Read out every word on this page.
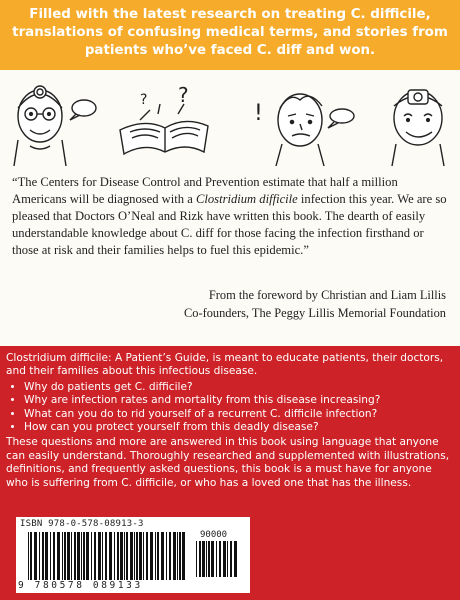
Filled with the latest research on treating C. difficile,
translations of confusing medical terms, and stories from
patients who’ve faced C. diff and won.
? ?
!
“The Centers for Disease Control and Prevention estimate that half a million Americans will be diagnosed with a Clostridium difficile infection this year. We are so pleased that Doctors O’Neal and Rizk have written this book. The dearth of easily understandable knowledge about C. diff for those facing the infection firsthand or those at risk and their families helps to fuel this epidemic.”
From the foreword by Christian and Liam Lillis
Co-founders, The Peggy Lillis Memorial Foundation

Clostridium difficile: A Patient’s Guide, is meant to educate patients, their doctors, and their families about this infectious disease.

• Why do patients get C. difficile?
• Why are infection rates and mortality from this disease increasing?
• What can you do to rid yourself of a recurrent C. difficile infection?
• How can you protect yourself from this deadly disease?

These questions and more are answered in this book using language that anyone can easily understand. Thoroughly researched and supplemented with illustrations, definitions, and frequently asked questions, this book is a must have for anyone who is suffering from C. difficile, or who has a loved one that has the illness.

ISBN 978-0-578-08913-3
90000
9 780578 089133
